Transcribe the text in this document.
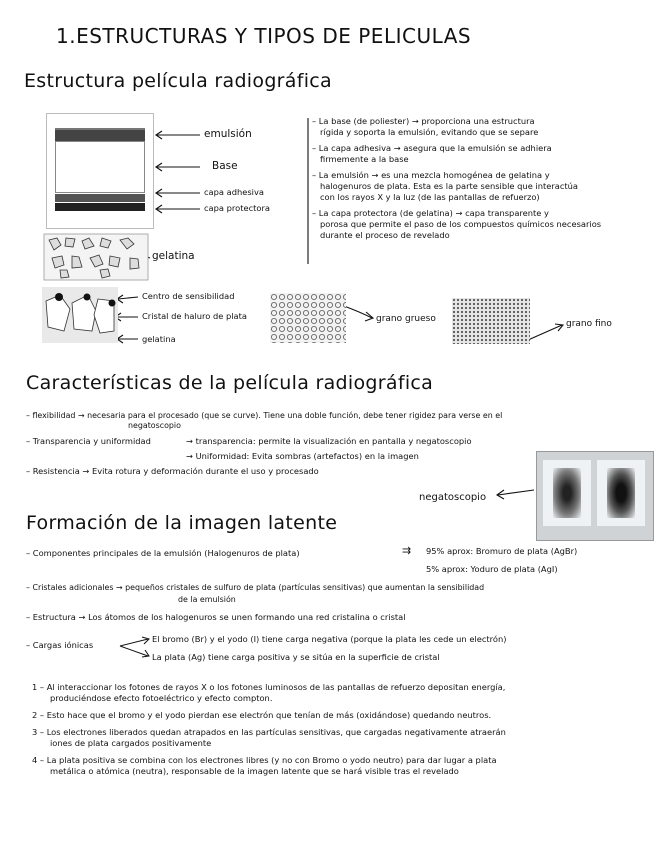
1.ESTRUCTURAS Y TIPOS DE PELICULAS
Estructura película radiográfica
emulsión
Base
capa adhesiva
capa protectora
gelatina
Centro de sensibilidad
Cristal de haluro de plata
gelatina
grano grueso	grano fino
– La base (de poliester) → proporciona una estructura
rígida y soporta la emulsión, evitando que se separe
– La capa adhesiva → asegura que la emulsión se adhiera
firmemente a la base
– La emulsión → es una mezcla homogénea de gelatina y
halogenuros de plata. Esta es la parte sensible que interactúa
con los rayos X y la luz (de las pantallas de refuerzo)
– La capa protectora (de gelatina) → capa transparente y
porosa que permite el paso de los compuestos químicos necesarios
durante el proceso de revelado
Características de la película radiográfica
– flexibilidad → necesaria para el procesado (que se curve). Tiene una doble función, debe tener rigidez para verse en el
negatoscopio
– Transparencia y uniformidad	→ transparencia: permite la visualización en pantalla y negatoscopio
→ Uniformidad: Evita sombras (artefactos) en la imagen
– Resistencia → Evita rotura y deformación durante el uso y procesado
negatoscopio
Formación de la imagen latente
– Componentes principales de la emulsión (Halogenuros de plata)	⇉ 95% aprox: Bromuro de plata (AgBr)
5% aprox: Yoduro de plata (AgI)
– Cristales adicionales → pequeños cristales de sulfuro de plata (partículas sensitivas) que aumentan la sensibilidad
de la emulsión
– Estructura → Los átomos de los halogenuros se unen formando una red cristalina o cristal
– Cargas iónicas
El bromo (Br) y el yodo (I) tiene carga negativa (porque la plata les cede un electrón)
La plata (Ag) tiene carga positiva y se sitúa en la superficie de cristal
1 – Al interaccionar los fotones de rayos X o los fotones luminosos de las pantallas de refuerzo depositan energía,
produciéndose efecto fotoeléctrico y efecto compton.
2 – Esto hace que el bromo y el yodo pierdan ese electrón que tenían de más (oxidándose) quedando neutros.
3 – Los electrones liberados quedan atrapados en las partículas sensitivas, que cargadas negativamente atraerán
iones de plata cargados positivamente
4 – La plata positiva se combina con los electrones libres (y no con Bromo o yodo neutro) para dar lugar a plata
metálica o atómica (neutra), responsable de la imagen latente que se hará visible tras el revelado
